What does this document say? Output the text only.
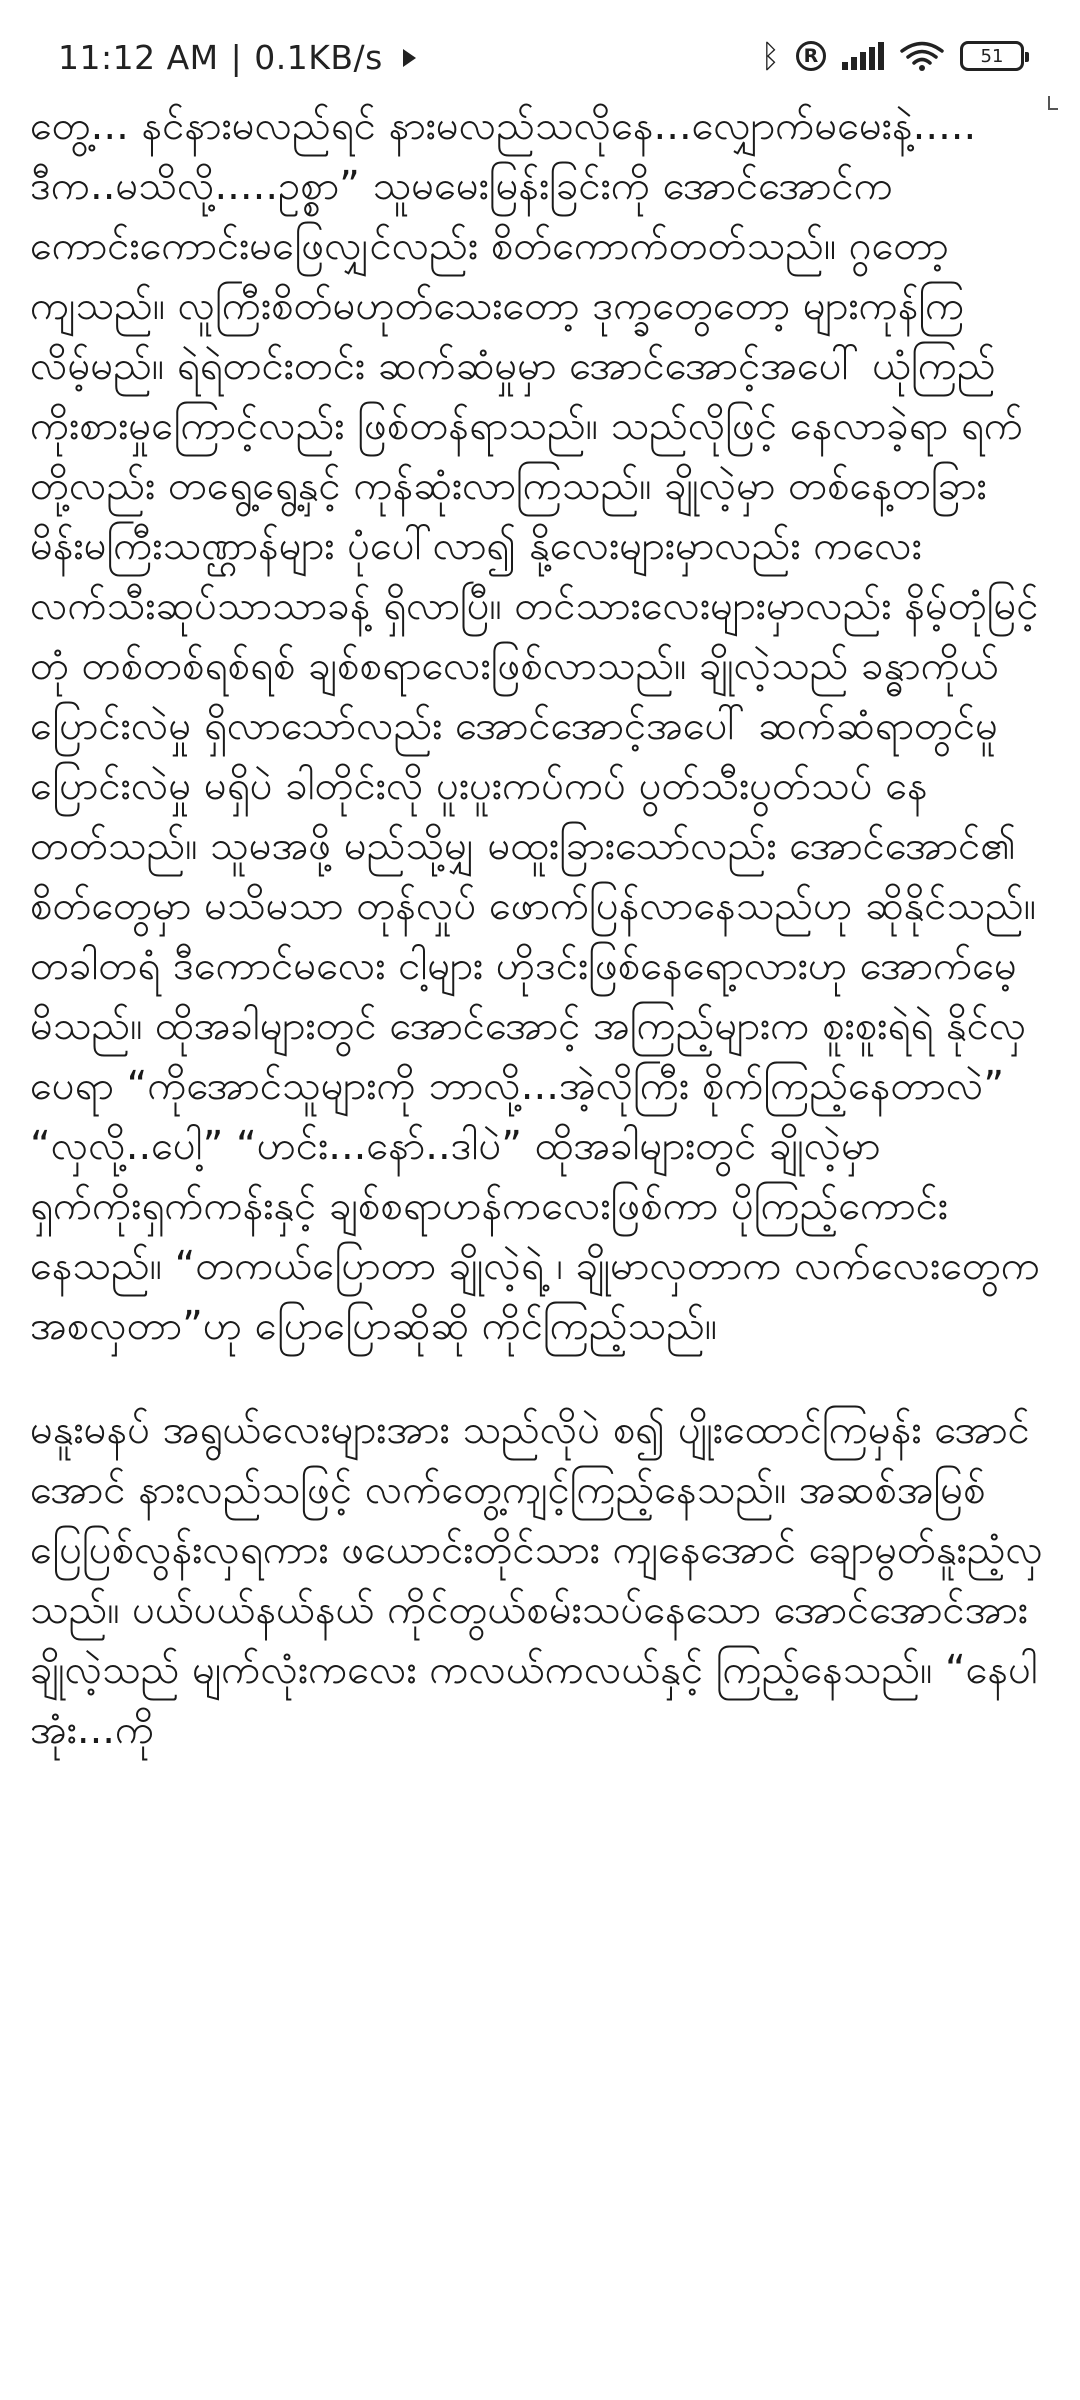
11:12 AM | 0.1KB/s	ᛒ	R	51

တွေ့... နင်နားမလည်ရင် နားမလည်သလိုနေ...လျှောက်မမေးနဲ့..... ဒီက..မသိလို့.....ဥစ္စာ” သူမမေးမြန်းခြင်းကို အောင်အောင်က ကောင်းကောင်းမဖြေလျှင်လည်း စိတ်ကောက်တတ်သည်။ ဂွတော့ ကျသည်။ လူကြီးစိတ်မဟုတ်သေးတော့ ဒုက္ခတွေတော့ များကုန်ကြလိမ့်မည်။ ရဲရဲတင်းတင်း ဆက်ဆံမှုမှာ အောင်အောင့်အပေါ် ယုံကြည်ကိုးစားမှုကြောင့်လည်း ဖြစ်တန်ရာသည်။ သည်လိုဖြင့် နေလာခဲ့ရာ ရက်တို့လည်း တရွေ့ရွေ့နှင့် ကုန်ဆုံးလာကြသည်။ ချိုလဲ့မှာ တစ်နေ့တခြား မိန်းမကြီးသဏ္ဌာန်များ ပုံပေါ်လာ၍ နို့လေးများမှာလည်း ကလေးလက်သီးဆုပ်သာသာခန့် ရှိလာပြီ။ တင်သားလေးများမှာလည်း နိမ့်တုံမြင့်တုံ တစ်တစ်ရစ်ရစ် ချစ်စရာလေးဖြစ်လာသည်။ ချိုလဲ့သည် ခန္ဓာကိုယ် ပြောင်းလဲမှု ရှိလာသော်လည်း အောင်အောင့်အပေါ် ဆက်ဆံရာတွင်မူ ပြောင်းလဲမှု မရှိပဲ ခါတိုင်းလို ပူးပူးကပ်ကပ် ပွတ်သီးပွတ်သပ် နေတတ်သည်။ သူမအဖို့ မည်သို့မျှ မထူးခြားသော်လည်း အောင်အောင်၏ စိတ်တွေမှာ မသိမသာ တုန်လှုပ် ဖောက်ပြန်လာနေသည်ဟု ဆိုနိုင်သည်။ တခါတရံ ဒီကောင်မလေး ငါ့များ ဟိုဒင်းဖြစ်နေရော့လားဟု အောက်မေ့မိသည်။ ထိုအခါများတွင် အောင်အောင့် အကြည့်များက စူးစူးရဲရဲ နိုင်လှပေရာ “ကိုအောင်သူများကို ဘာလို့...အဲ့လိုကြီး စိုက်ကြည့်နေတာလဲ” “လှလို့..ပေါ့” “ဟင်း...နော်..ဒါပဲ” ထိုအခါများတွင် ချိုလဲ့မှာ ရှက်ကိုးရှက်ကန်းနှင့် ချစ်စရာဟန်ကလေးဖြစ်ကာ ပိုကြည့်ကောင်းနေသည်။ “တကယ်ပြောတာ ချိုလဲ့ရဲ့ ၊ ချိုမာလှတာက လက်လေးတွေက အစလှတာ”ဟု ပြောပြောဆိုဆို ကိုင်ကြည့်သည်။

မနူးမနပ် အရွယ်လေးများအား သည်လိုပဲ စ၍ ပျိုးထောင်ကြမှန်း အောင်အောင် နားလည်သဖြင့် လက်တွေ့ကျင့်ကြည့်နေသည်။ အဆစ်အမြစ် ပြေပြစ်လွန်းလှရကား ဖယောင်းတိုင်သား ကျနေအောင် ချောမွတ်နူးညံ့လှသည်။ ပယ်ပယ်နယ်နယ် ကိုင်တွယ်စမ်းသပ်နေသော အောင်အောင်အား ချိုလဲ့သည် မျက်လုံးကလေး ကလယ်ကလယ်နှင့် ကြည့်နေသည်။ “နေပါအုံး...ကို
